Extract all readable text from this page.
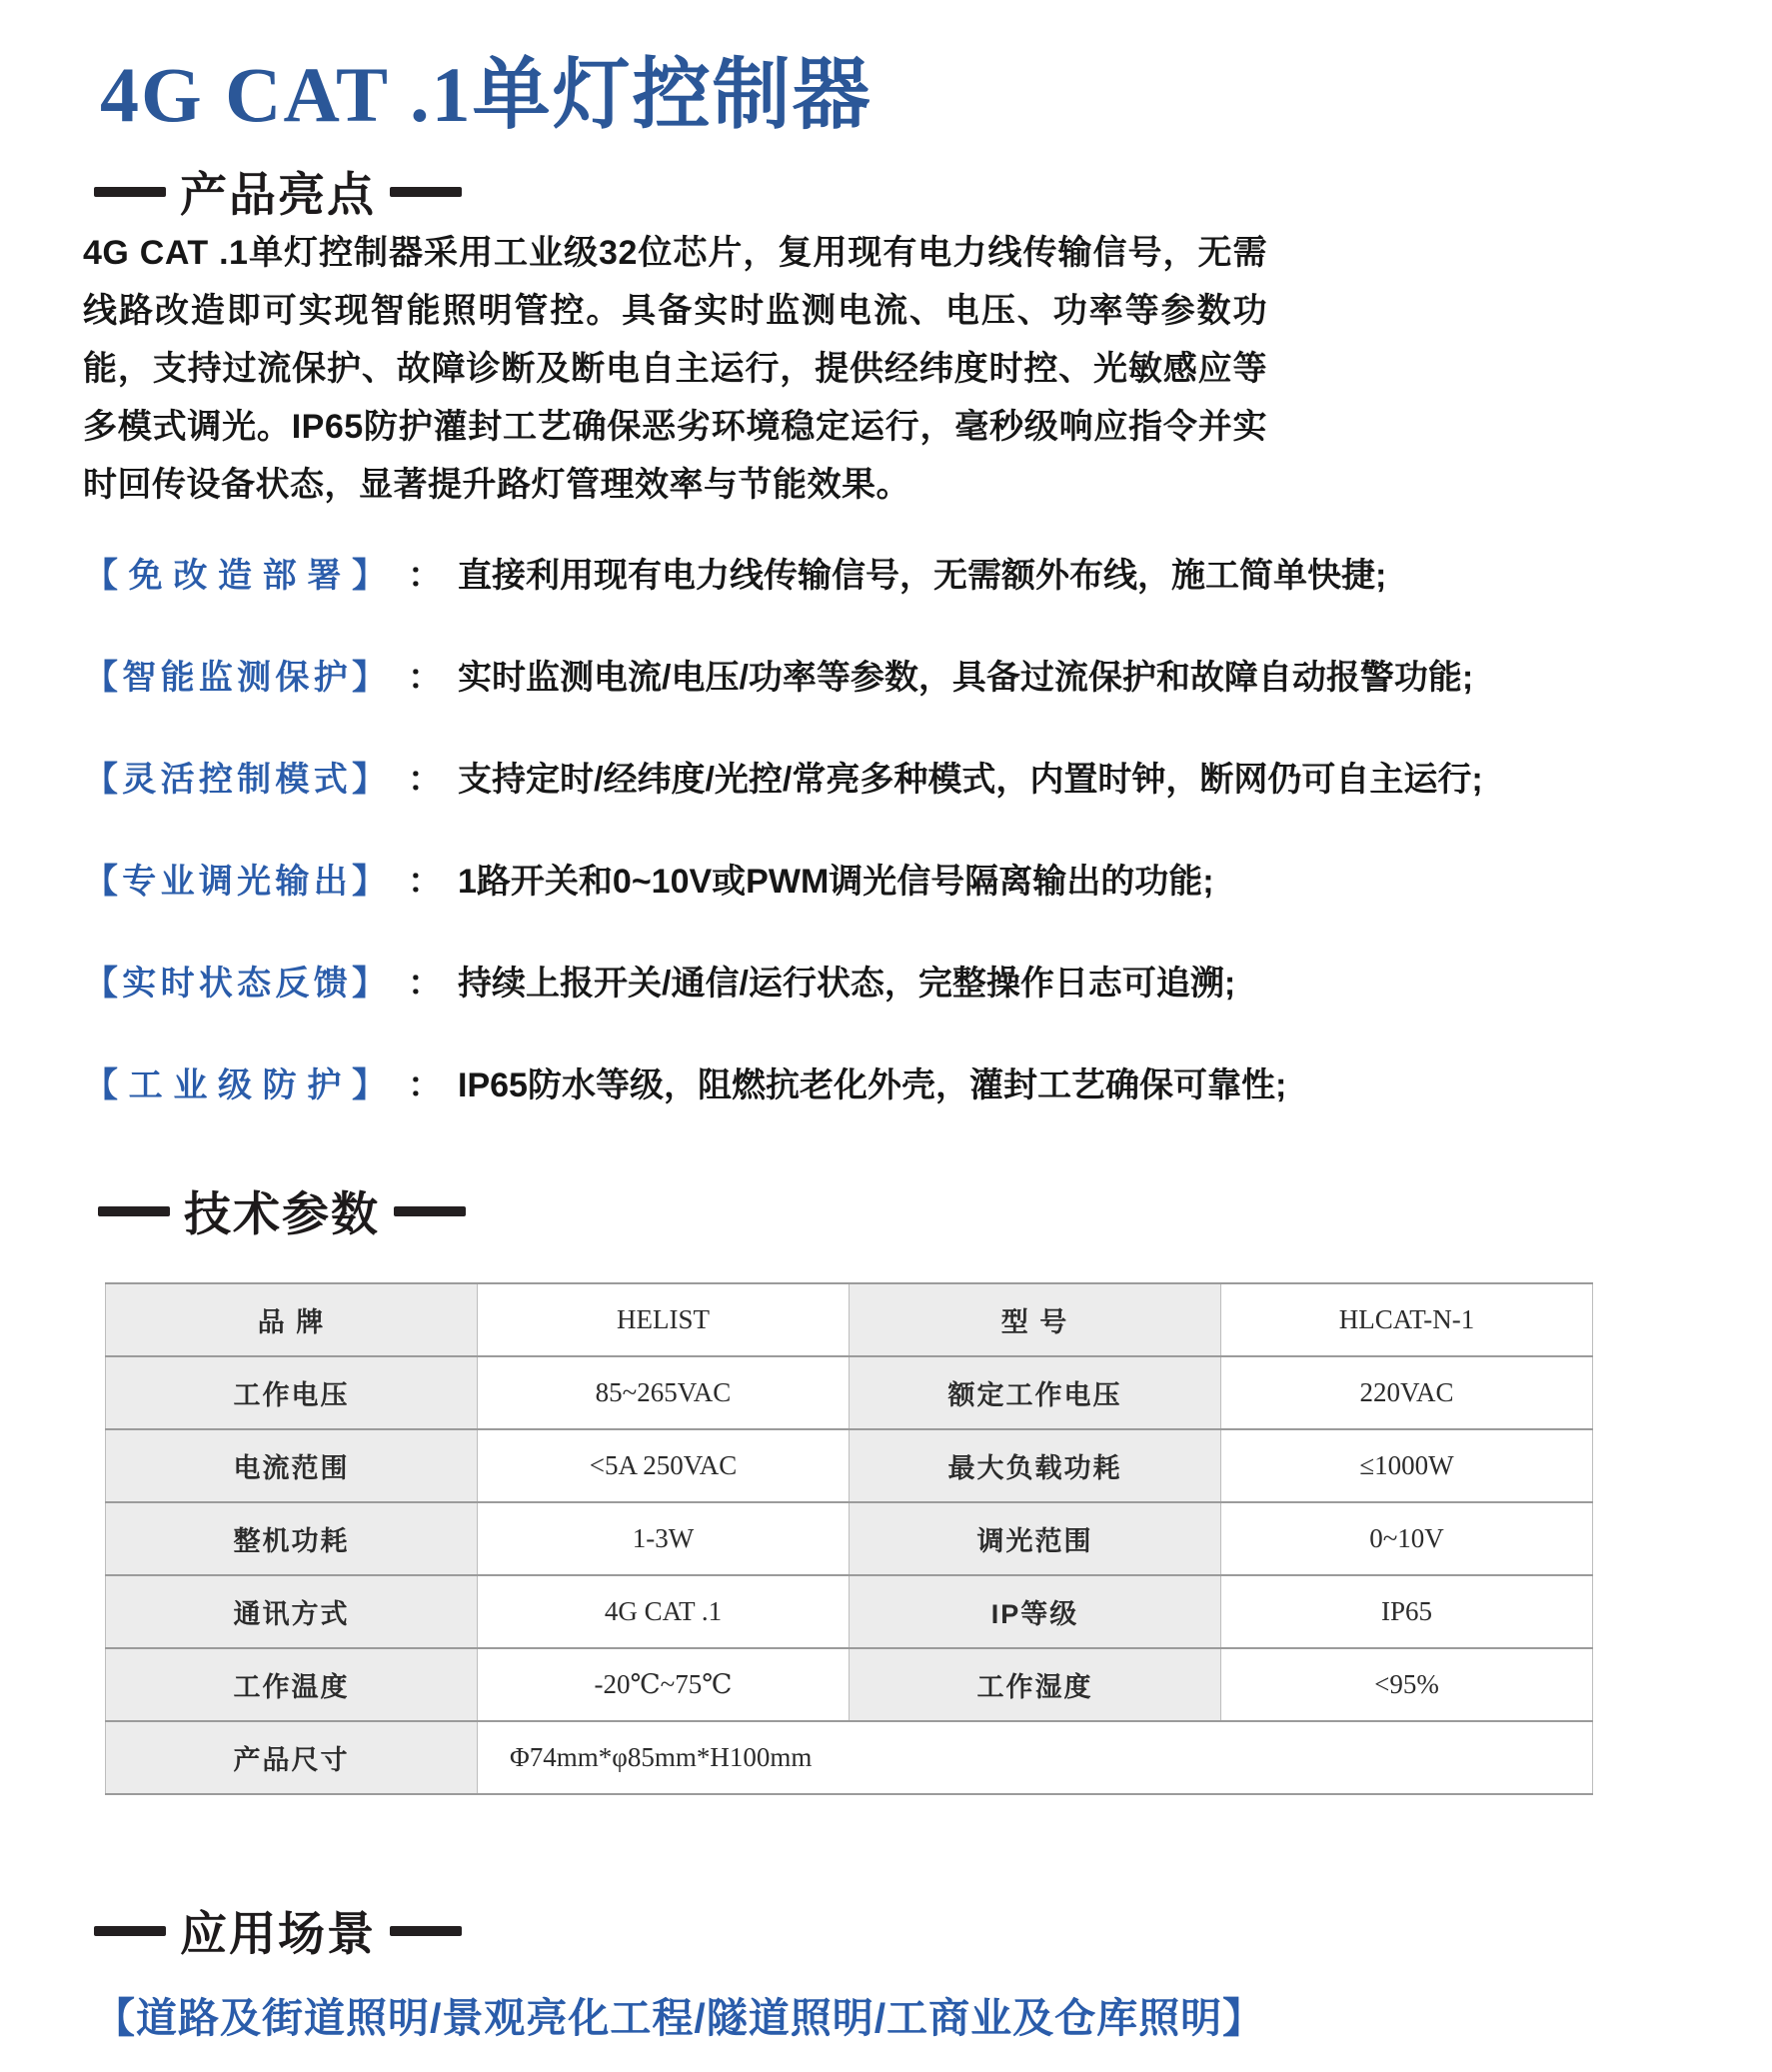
4G CAT .1单灯控制器
产品亮点
4G CAT .1单灯控制器采用工业级32位芯片，复用现有电力线传输信号，无需线路改造即可实现智能照明管控。具备实时监测电流、电压、功率等参数功能，支持过流保护、故障诊断及断电自主运行，提供经纬度时控、光敏感应等多模式调光。IP65防护灌封工艺确保恶劣环境稳定运行，毫秒级响应指令并实时回传设备状态，显著提升路灯管理效率与节能效果。
【免改造部署】 ： 直接利用现有电力线传输信号，无需额外布线，施工简单快捷;
【智能监测保护】 ： 实时监测电流/电压/功率等参数，具备过流保护和故障自动报警功能;
【灵活控制模式】 ： 支持定时/经纬度/光控/常亮多种模式，内置时钟，断网仍可自主运行;
【专业调光输出】 ： 1路开关和0~10V或PWM调光信号隔离输出的功能;
【实时状态反馈】 ： 持续上报开关/通信/运行状态，完整操作日志可追溯;
【工业级防护】 ： IP65防水等级，阻燃抗老化外壳，灌封工艺确保可靠性;
技术参数
品 牌	HELIST	型 号	HLCAT-N-1
工作电压	85~265VAC	额定工作电压	220VAC
电流范围	<5A 250VAC	最大负载功耗	≤1000W
整机功耗	1-3W	调光范围	0~10V
通讯方式	4G CAT .1	IP等级	IP65
工作温度	-20℃~75℃	工作湿度	<95%
产品尺寸	Φ74mm*φ85mm*H100mm		
应用场景
【道路及街道照明/景观亮化工程/隧道照明/工商业及仓库照明】
